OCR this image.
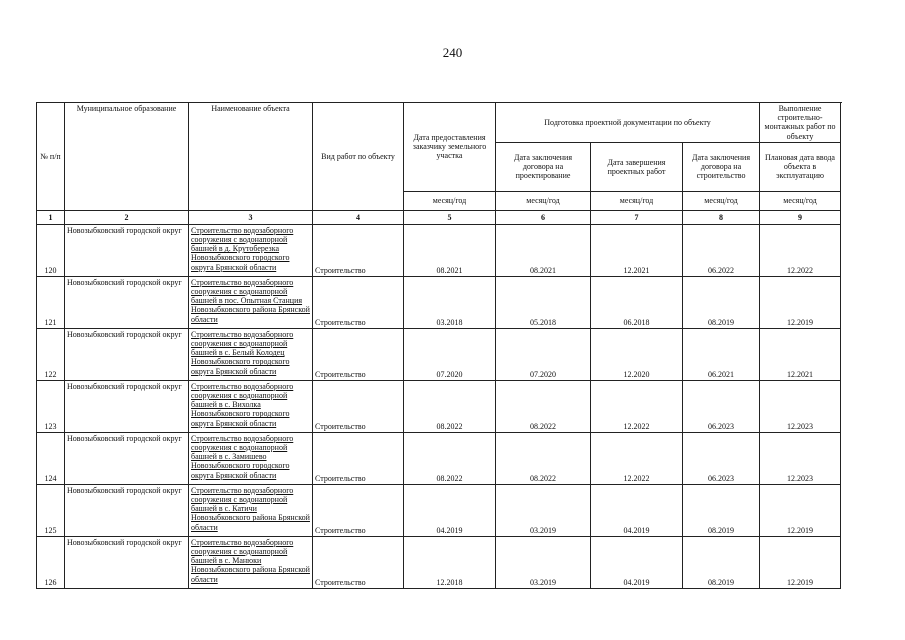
240
№ п/п	Муниципальное образование	Наименование объекта	Вид работ по объекту	Дата предоставления заказчику земельного участка	Подготовка проектной документации по объекту			Выполнение строительно-монтажных работ по объекту
					Дата заключения договора на проектирование	Дата завершения проектных работ	Дата заключения договора на строительство	Плановая дата ввода объекта в эксплуатацию
				месяц/год	месяц/год	месяц/год	месяц/год	месяц/год
1	2	3	4	5	6	7	8	9
120	Новозыбковский городской округ	Строительство водозаборного сооружения с водонапорной башней в д. Крутоберезка Новозыбковского городского округа Брянской области	Строительство	08.2021	08.2021	12.2021	06.2022	12.2022
121	Новозыбковский городской округ	Строительство водозаборного сооружения с водонапорной башней в пос. Опытная Станция Новозыбковского района Брянской области	Строительство	03.2018	05.2018	06.2018	08.2019	12.2019
122	Новозыбковский городской округ	Строительство водозаборного сооружения с водонапорной башней в с. Белый Колодец Новозыбковского городского округа Брянской области	Строительство	07.2020	07.2020	12.2020	06.2021	12.2021
123	Новозыбковский городской округ	Строительство водозаборного сооружения с водонапорной башней в с. Вихолка Новозыбковского городского округа Брянской области	Строительство	08.2022	08.2022	12.2022	06.2023	12.2023
124	Новозыбковский городской округ	Строительство водозаборного сооружения с водонапорной башней в с. Замишево Новозыбковского городского округа Брянской области	Строительство	08.2022	08.2022	12.2022	06.2023	12.2023
125	Новозыбковский городской округ	Строительство водозаборного сооружения с водонапорной башней в с. Катичи Новозыбковского района Брянской области	Строительство	04.2019	03.2019	04.2019	08.2019	12.2019
126	Новозыбковский городской округ	Строительство водозаборного сооружения с водонапорной башней в с. Манюки Новозыбковского района Брянской области	Строительство	12.2018	03.2019	04.2019	08.2019	12.2019
